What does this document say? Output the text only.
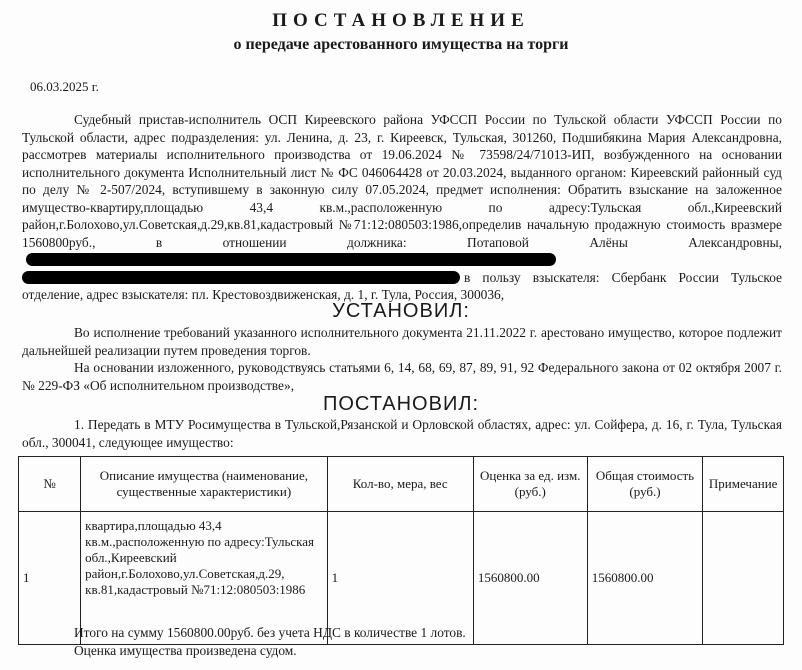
ПОСТАНОВЛЕНИЕ
о передаче арестованного имущества на торги
06.03.2025 г.

Судебный пристав-исполнитель ОСП Киреевского района УФССП России по Тульской области УФССП России по Тульской области, адрес подразделения: ул. Ленина, д. 23, г. Киреевск, Тульская, 301260, Подшибякина Мария Александровна, рассмотрев материалы исполнительного производства от 19.06.2024 № 73598/24/71013-ИП, возбужденного на основании исполнительного документа Исполнительный лист № ФС 046064428 от 20.03.2024, выданного органом: Киреевский районный суд по делу № 2-507/2024, вступившему в законную силу 07.05.2024, предмет исполнения: Обратить взыскание на заложенное имущество-квартиру,площадью 43,4 кв.м.,расположенную по адресу:Тульская обл.,Киреевский район,г.Болохово,ул.Советская,д.29,кв.81,кадастровый №71:12:080503:1986,определив начальную продажную стоимость вразмере 1560800руб., в отношении должника: Потаповой Алёны Александровны, в пользу взыскателя: Сбербанк России Тульское отделение, адрес взыскателя: пл. Крестовоздвиженская, д. 1, г. Тула, Россия, 300036,

УСТАНОВИЛ:

Во исполнение требований указанного исполнительного документа 21.11.2022 г. арестовано имущество, которое подлежит дальнейшей реализации путем проведения торгов.

На основании изложенного, руководствуясь статьями 6, 14, 68, 69, 87, 89, 91, 92 Федерального закона от 02 октября 2007 г. № 229-ФЗ «Об исполнительном производстве»,

ПОСТАНОВИЛ:

1. Передать в МТУ Росимущества в Тульской,Рязанской и Орловской областях, адрес: ул. Сойфера, д. 16, г. Тула, Тульская обл., 300041, следующее имущество:

№	Описание имущества (наименование, существенные характеристики)	Кол-во, мера, вес	Оценка за ед. изм. (руб.)	Общая стоимость (руб.)	Примечание
1	квартира,площадью 43,4 кв.м.,расположенную по адресу:Тульская обл.,Киреевский район,г.Болохово,ул.Советская,д.29, кв.81,кадастровый №71:12:080503:1986	1	1560800.00	1560800.00	

Итого на сумму 1560800.00руб. без учета НДС в количестве 1 лотов.

Оценка имущества произведена судом.
